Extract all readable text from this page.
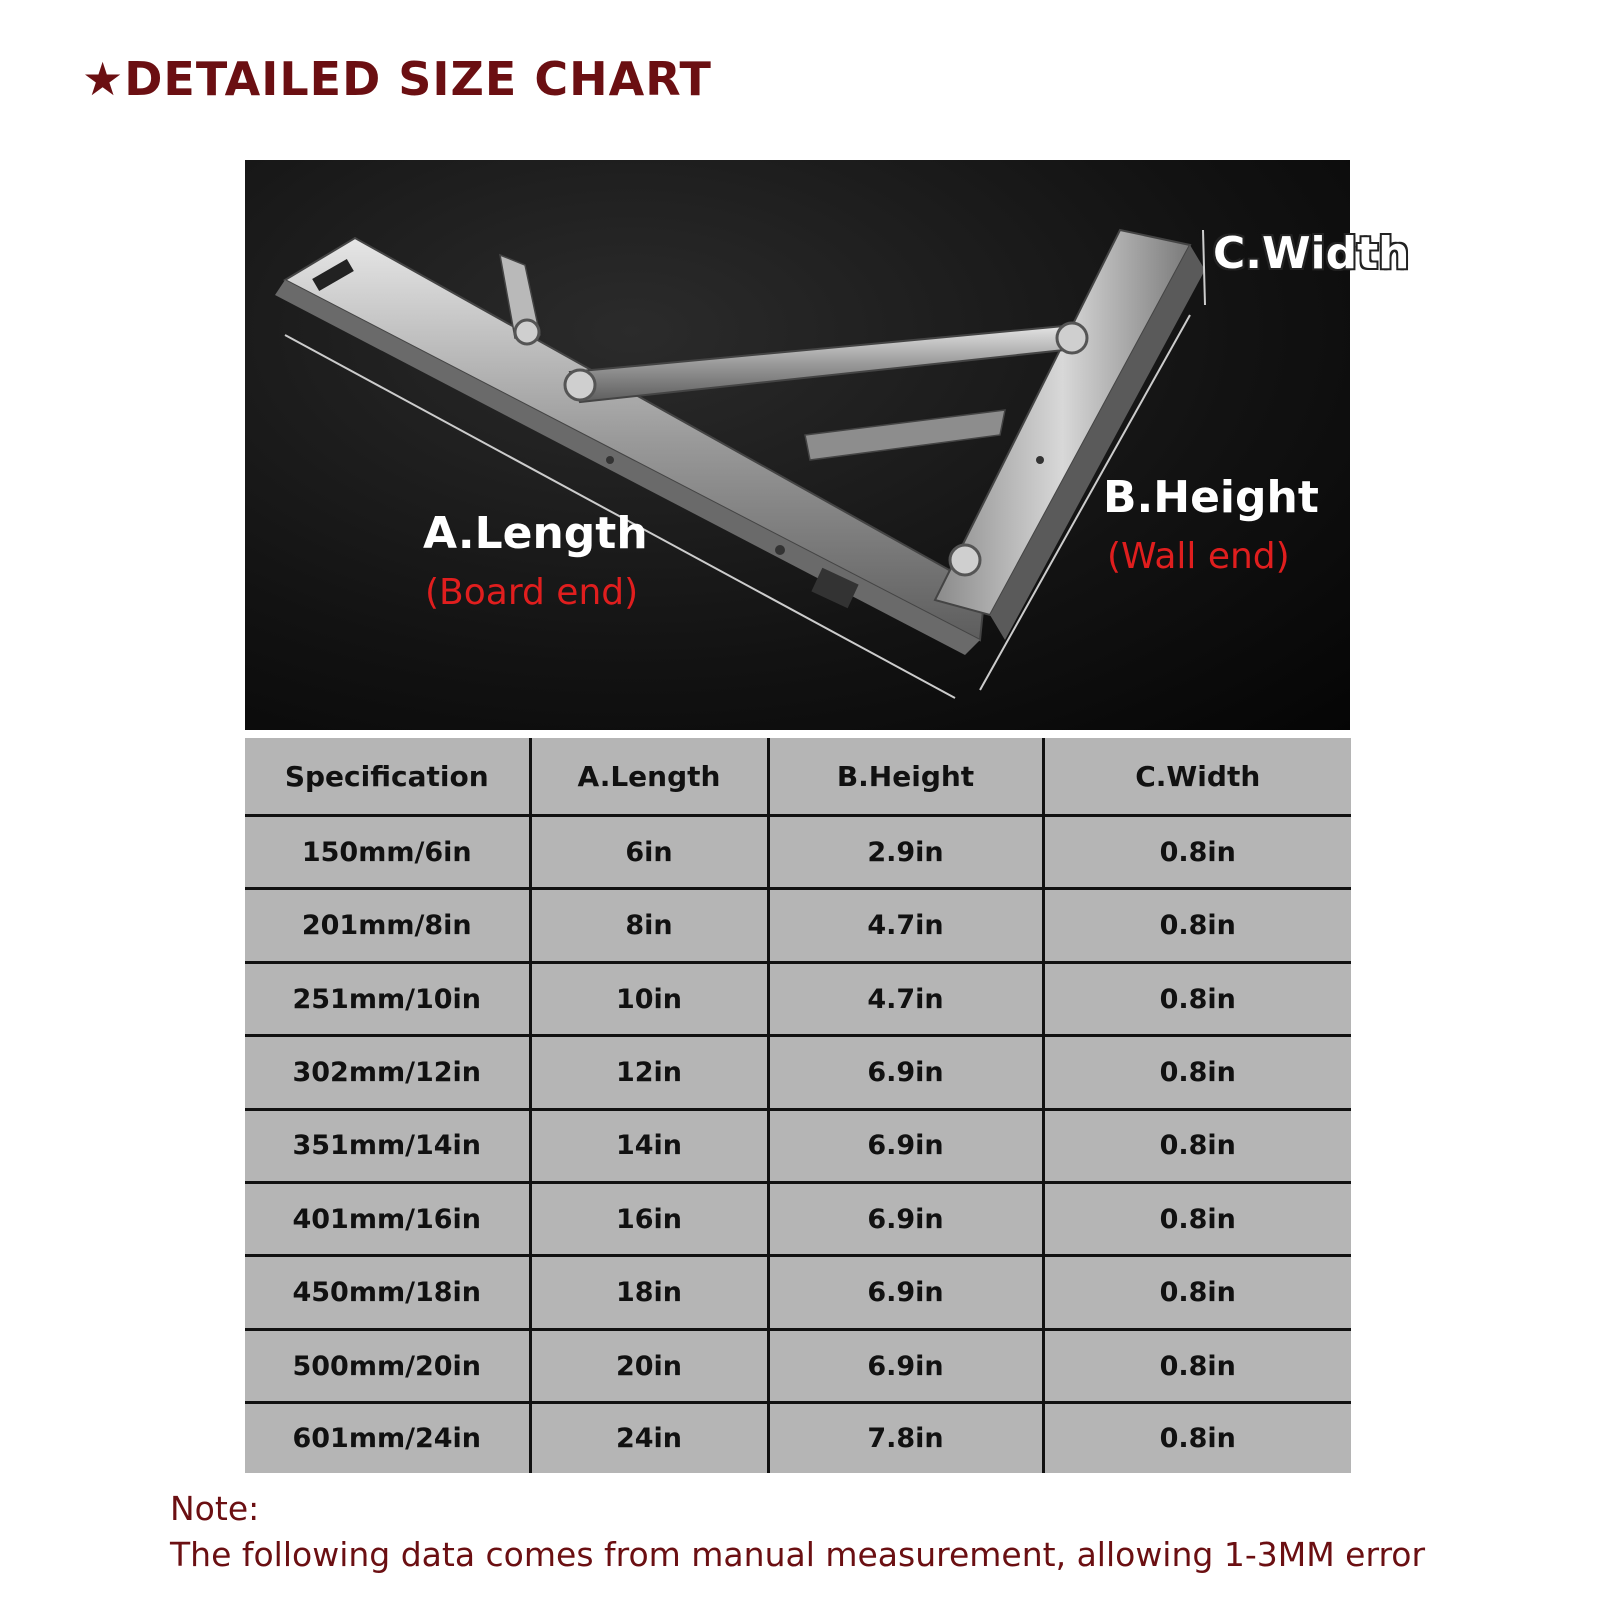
★DETAILED SIZE CHART
A.Length
(Board end)
B.Height
(Wall end)
C.Width
Specification	A.Length	B.Height	C.Width
150mm/6in	6in	2.9in	0.8in
201mm/8in	8in	4.7in	0.8in
251mm/10in	10in	4.7in	0.8in
302mm/12in	12in	6.9in	0.8in
351mm/14in	14in	6.9in	0.8in
401mm/16in	16in	6.9in	0.8in
450mm/18in	18in	6.9in	0.8in
500mm/20in	20in	6.9in	0.8in
601mm/24in	24in	7.8in	0.8in
Note:
The following data comes from manual measurement, allowing 1-3MM error
